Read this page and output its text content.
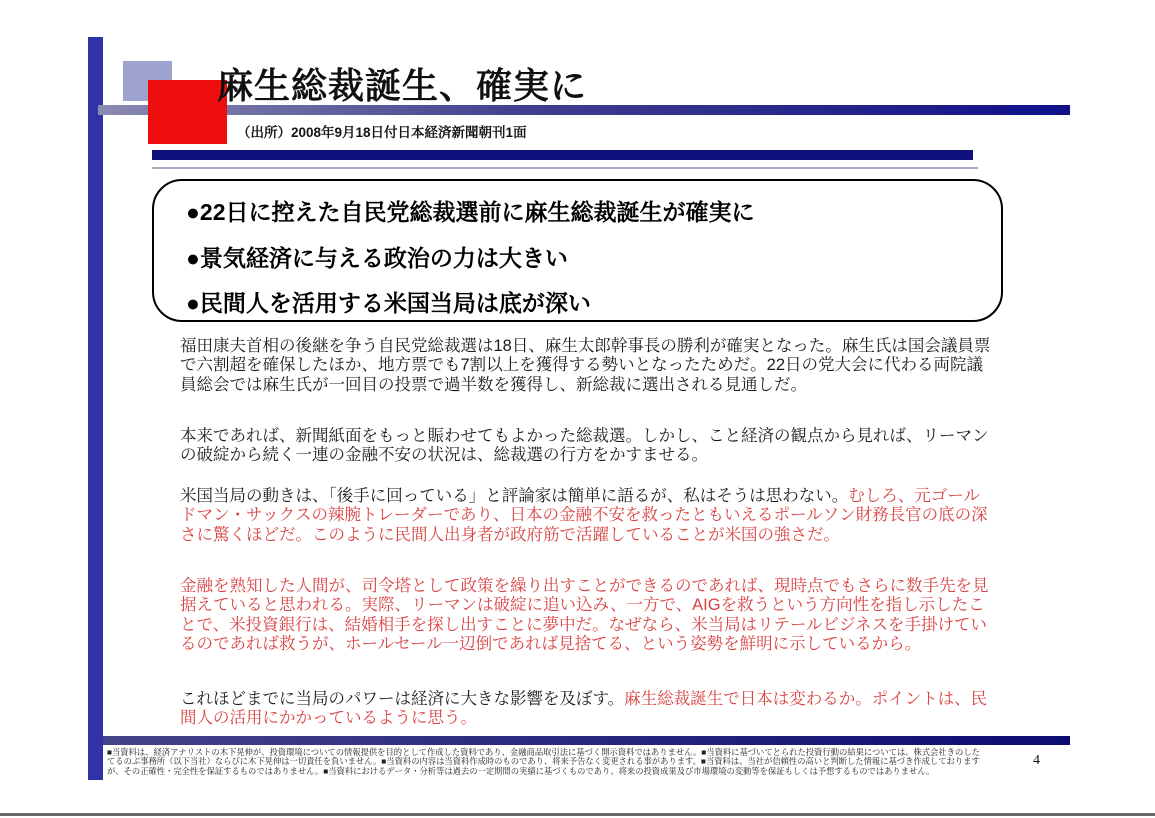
麻生総裁誕生、確実に
（出所）2008年9月18日付日本経済新聞朝刊1面
●22日に控えた自民党総裁選前に麻生総裁誕生が確実に
●景気経済に与える政治の力は大きい
●民間人を活用する米国当局は底が深い

福田康夫首相の後継を争う自民党総裁選は18日、麻生太郎幹事長の勝利が確実となった。麻生氏は国会議員票で六割超を確保したほか、地方票でも7割以上を獲得する勢いとなったためだ。22日の党大会に代わる両院議員総会では麻生氏が一回目の投票で過半数を獲得し、新総裁に選出される見通しだ。

本来であれば、新聞紙面をもっと賑わせてもよかった総裁選。しかし、こと経済の観点から見れば、リーマンの破綻から続く一連の金融不安の状況は、総裁選の行方をかすませる。

米国当局の動きは、「後手に回っている」と評論家は簡単に語るが、私はそうは思わない。むしろ、元ゴールドマン・サックスの辣腕トレーダーであり、日本の金融不安を救ったともいえるポールソン財務長官の底の深さに驚くほどだ。このように民間人出身者が政府筋で活躍していることが米国の強さだ。

金融を熟知した人間が、司令塔として政策を繰り出すことができるのであれば、現時点でもさらに数手先を見据えていると思われる。実際、リーマンは破綻に追い込み、一方で、AIGを救うという方向性を指し示したことで、米投資銀行は、結婚相手を探し出すことに夢中だ。なぜなら、米当局はリテールビジネスを手掛けているのであれば救うが、ホールセール一辺倒であれば見捨てる、という姿勢を鮮明に示しているから。

これほどまでに当局のパワーは経済に大きな影響を及ぼす。麻生総裁誕生で日本は変わるか。ポイントは、民間人の活用にかかっているように思う。

■当資料は、経済アナリストの木下晃伸が、投資環境についての情報提供を目的として作成した資料であり、金融商品取引法に基づく開示資料ではありません。■当資料に基づいてとられた投資行動の結果については、株式会社きのした
てるのぶ事務所（以下当社）ならびに木下晃伸は一切責任を負いません。■当資料の内容は当資料作成時のものであり、将来予告なく変更される事があります。■当資料は、当社が信頼性の高いと判断した情報に基づき作成しております
が、その正確性・完全性を保証するものではありません。■当資料におけるデータ・分析等は過去の一定期間の実績に基づくものであり、将来の投資成果及び市場環境の変動等を保証もしくは予想するものではありません。
4
